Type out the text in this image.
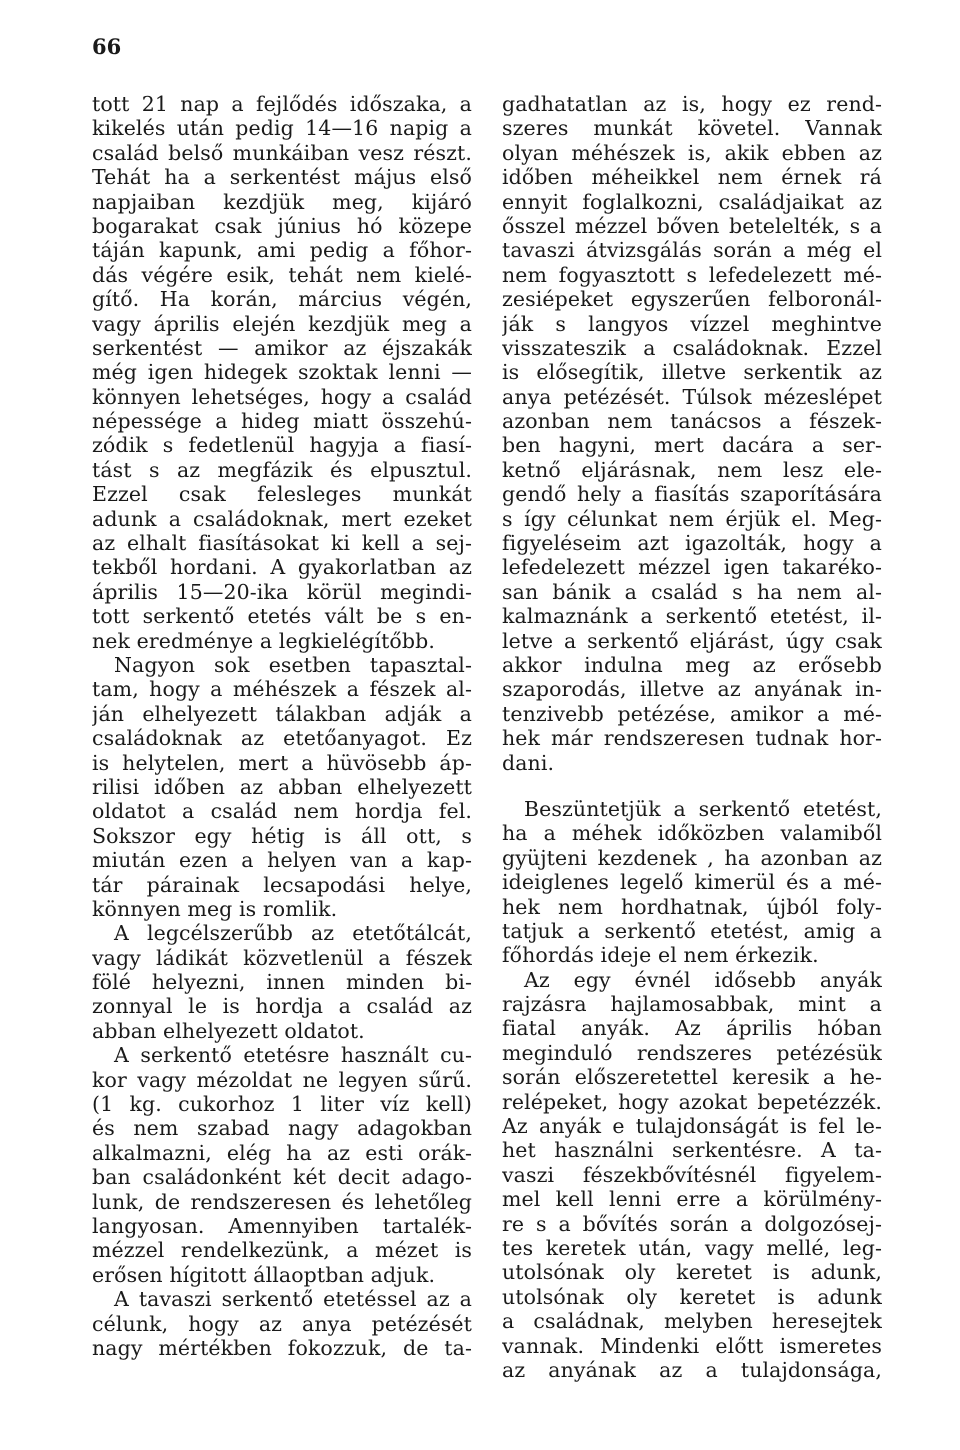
66
tott 21 nap a fejlődés időszaka, a
kikelés után pedig 14—16 napig a
család belső munkáiban vesz részt.
Tehát ha a serkentést május első
napjaiban kezdjük meg, kijáró
bogarakat csak június hó közepe
táján kapunk, ami pedig a főhor-
dás végére esik, tehát nem kielé-
gítő. Ha korán, március végén,
vagy április elején kezdjük meg a
serkentést — amikor az éjszakák
még igen hidegek szoktak lenni —
könnyen lehetséges, hogy a család
népessége a hideg miatt összehú-
zódik s fedetlenül hagyja a fiasí-
tást s az megfázik és elpusztul.
Ezzel csak felesleges munkát
adunk a családoknak, mert ezeket
az elhalt fiasításokat ki kell a sej-
tekből hordani. A gyakorlatban az
április 15—20-ika körül megindi-
tott serkentő etetés vált be s en-
nek eredménye a legkielégítőbb.
Nagyon sok esetben tapasztal-
tam, hogy a méhészek a fészek al-
ján elhelyezett tálakban adják a
családoknak az etetőanyagot. Ez
is helytelen, mert a hüvösebb áp-
rilisi időben az abban elhelyezett
oldatot a család nem hordja fel.
Sokszor egy hétig is áll ott, s
miután ezen a helyen van a kap-
tár párainak lecsapodási helye,
könnyen meg is romlik.
A legcélszerűbb az etetőtálcát,
vagy ládikát közvetlenül a fészek
fölé helyezni, innen minden bi-
zonnyal le is hordja a család az
abban elhelyezett oldatot.
A serkentő etetésre használt cu-
kor vagy mézoldat ne legyen sűrű.
(1 kg. cukorhoz 1 liter víz kell)
és nem szabad nagy adagokban
alkalmazni, elég ha az esti orák-
ban családonként két decit adago-
lunk, de rendszeresen és lehetőleg
langyosan. Amennyiben tartalék-
mézzel rendelkezünk, a mézet is
erősen hígitott állaoptban adjuk.
A tavaszi serkentő etetéssel az a
célunk, hogy az anya petézését
nagy mértékben fokozzuk, de ta-
gadhatatlan az is, hogy ez rend-
szeres munkát követel. Vannak
olyan méhészek is, akik ebben az
időben méheikkel nem érnek rá
ennyit foglalkozni, családjaikat az
ősszel mézzel bőven betelelték, s a
tavaszi átvizsgálás során a még el
nem fogyasztott s lefedelezett mé-
zesiépeket egyszerűen felboronál-
ják s langyos vízzel meghintve
visszateszik a családoknak. Ezzel
is elősegítik, illetve serkentik az
anya petézését. Túlsok mézeslépet
azonban nem tanácsos a fészek-
ben hagyni, mert dacára a ser-
ketnő eljárásnak, nem lesz ele-
gendő hely a fiasítás szaporítására
s így célunkat nem érjük el. Meg-
figyeléseim azt igazolták, hogy a
lefedelezett mézzel igen takarékо-
san bánik a család s ha nem al-
kalmaznánk a serkentő etetést, il-
letve a serkentő eljárást, úgy csak
akkor indulna meg az erősebb
szaporodás, illetve az anyának in-
tenzivebb petézése, amikor a mé-
hek már rendszeresen tudnak hor-
dani.
Beszüntetjük a serkentő etetést,
ha a méhek időközben valamiből
gyüjteni kezdenek , ha azonban az
ideiglenes legelő kimerül és a mé-
hek nem hordhatnak, újból foly-
tatjuk a serkentő etetést, amig a
főhordás ideje el nem érkezik.
Az egy évnél idősebb anyák
rajzásra hajlamosabbak, mint a
fiatal anyák. Az április hóban
meginduló rendszeres petézésük
során előszeretettel keresik a he-
relépeket, hogy azokat bepetézzék.
Az anyák e tulajdonságát is fel le-
het használni serkentésre. A ta-
vaszi fészekbővítésnél figyelem-
mel kell lenni erre a körülmény-
re s a bővítés során a dolgozósej-
tes keretek után, vagy mellé, leg-
utolsónak oly keretet is adunk,
utolsónak oly keretet is adunk
a családnak, melyben heresejtek
vannak. Mindenki előtt ismeretes
az anyának az a tulajdonsága,
